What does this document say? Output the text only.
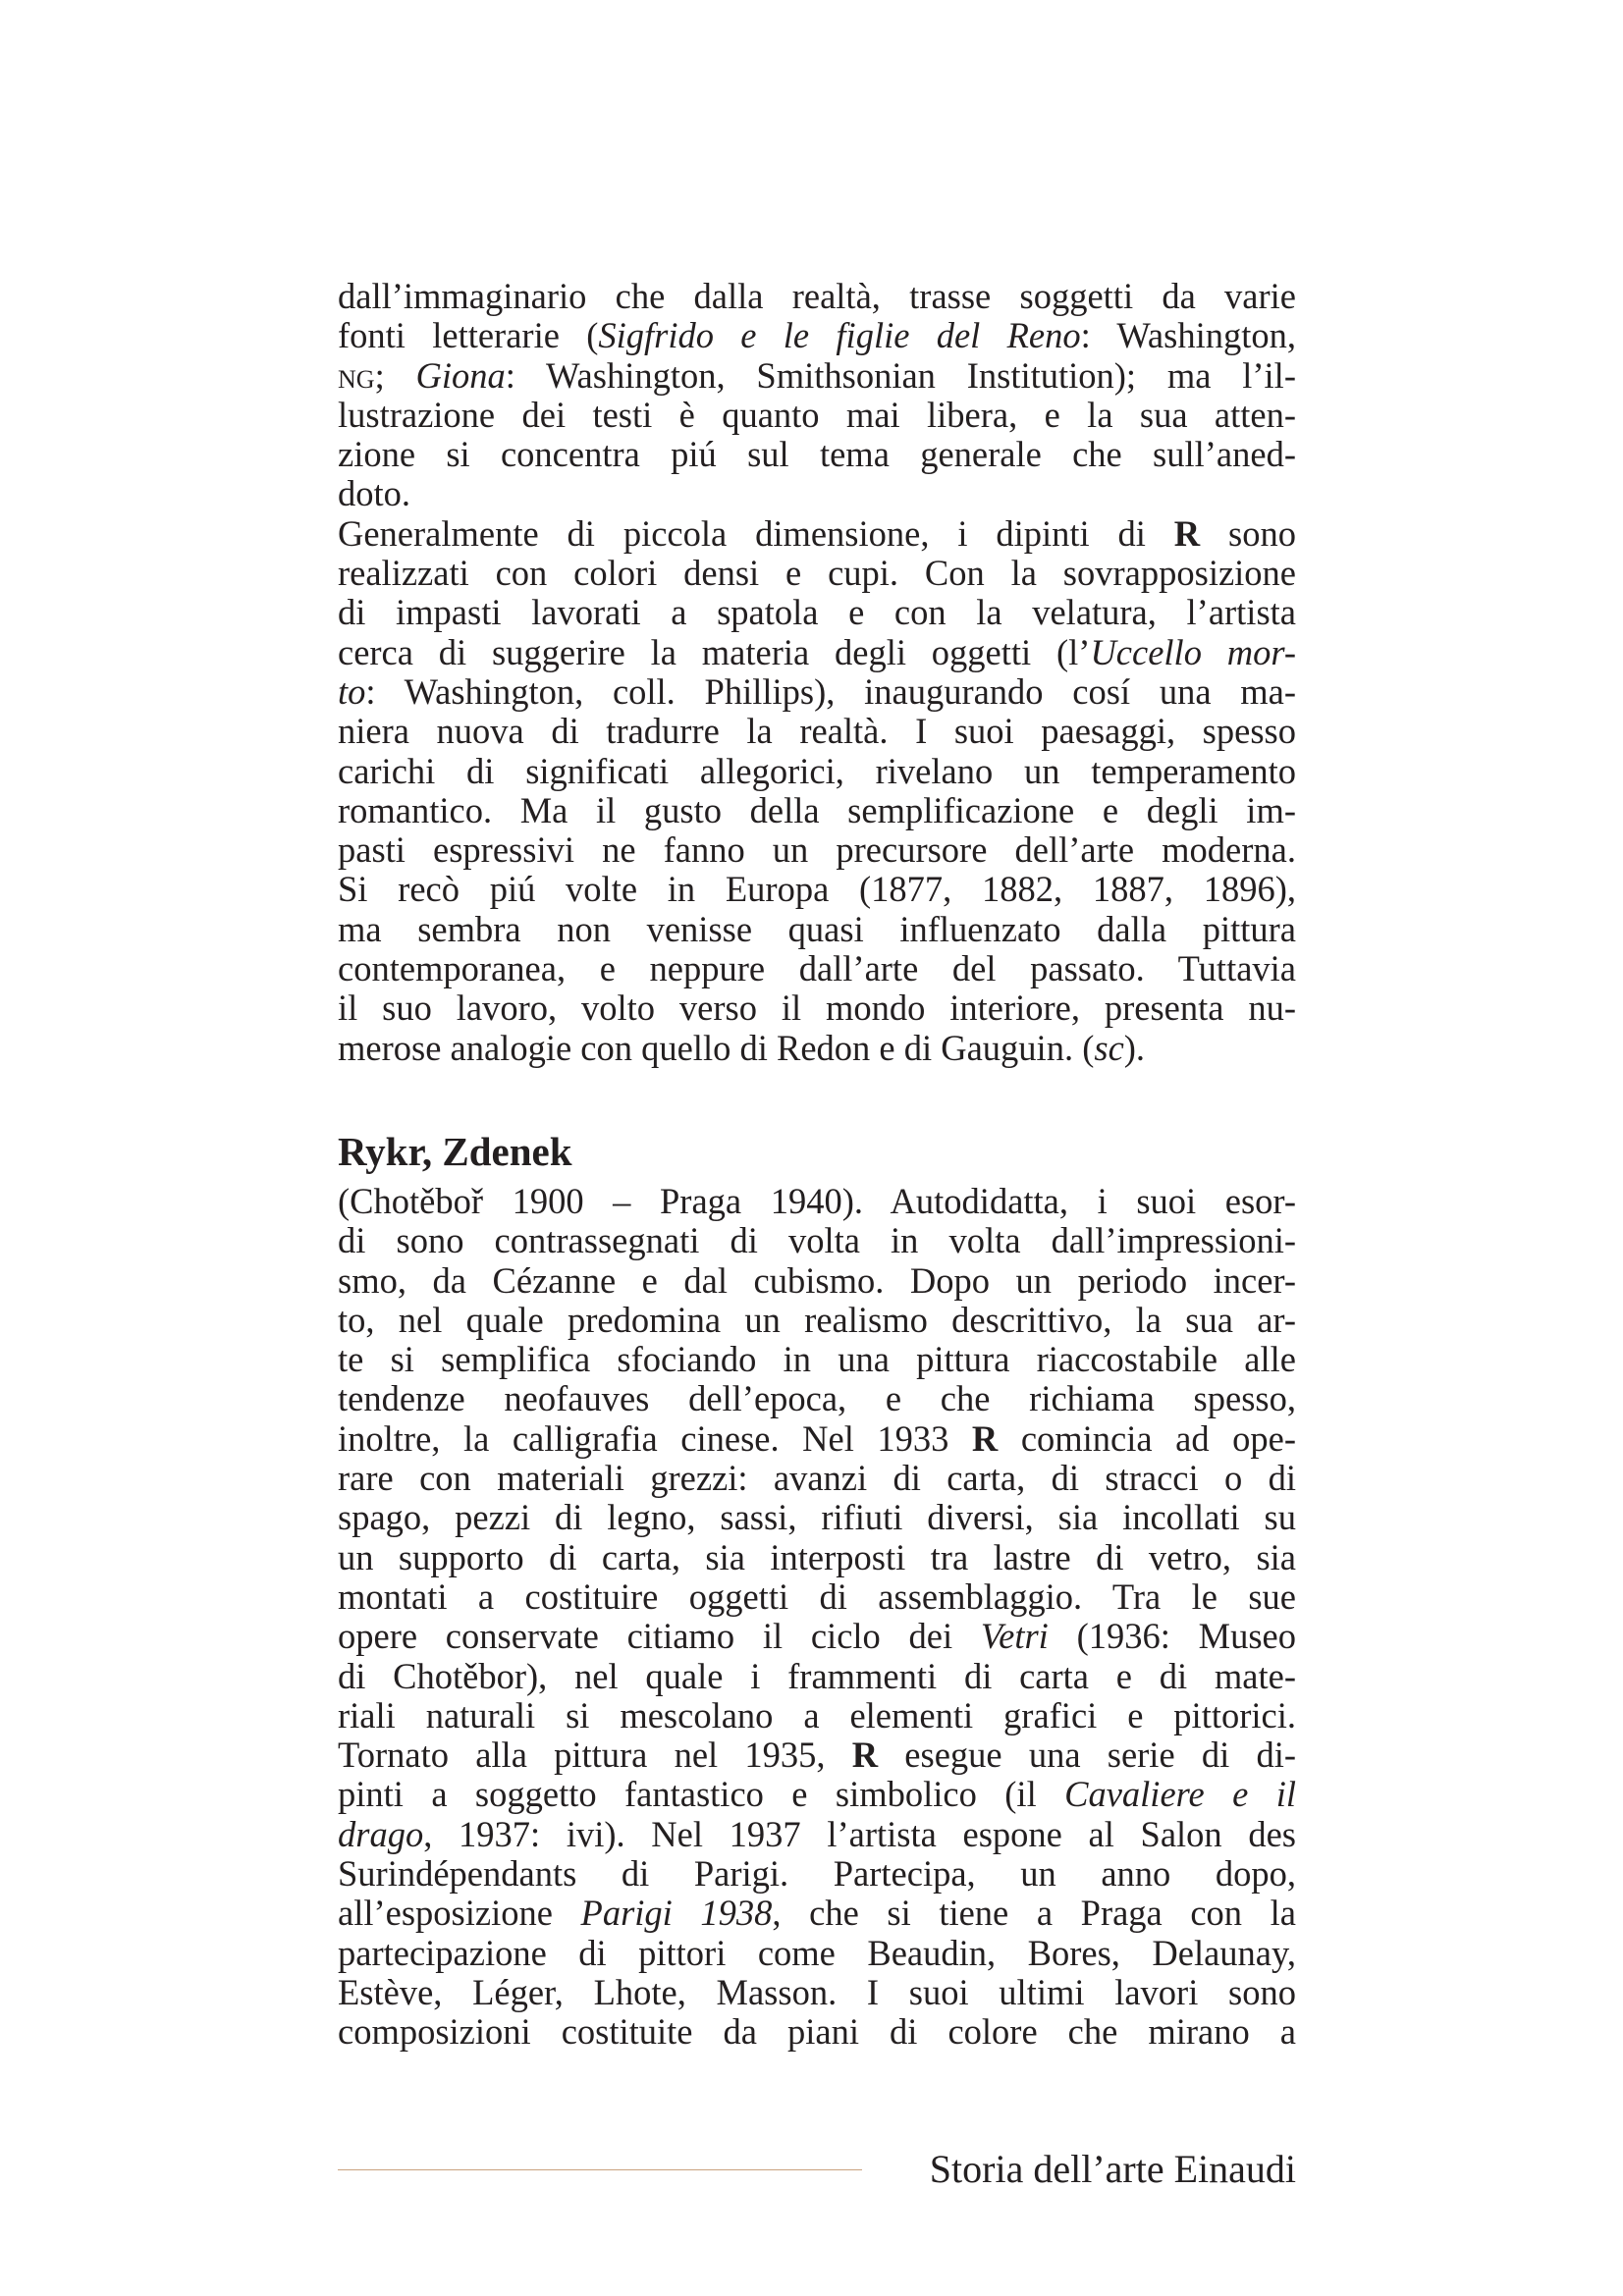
dall’immaginario che dalla realtà, trasse soggetti da varie
fonti letterarie (Sigfrido e le figlie del Reno: Washington,
ng; Giona: Washington, Smithsonian Institution); ma l’il-
lustrazione dei testi è quanto mai libera, e la sua atten-
zione si concentra piú sul tema generale che sull’aned-
doto.
Generalmente di piccola dimensione, i dipinti di R sono
realizzati con colori densi e cupi. Con la sovrapposizione
di impasti lavorati a spatola e con la velatura, l’artista
cerca di suggerire la materia degli oggetti (l’Uccello mor-
to: Washington, coll. Phillips), inaugurando cosí una ma-
niera nuova di tradurre la realtà. I suoi paesaggi, spesso
carichi di significati allegorici, rivelano un temperamento
romantico. Ma il gusto della semplificazione e degli im-
pasti espressivi ne fanno un precursore dell’arte moderna.
Si recò piú volte in Europa (1877, 1882, 1887, 1896),
ma sembra non venisse quasi influenzato dalla pittura
contemporanea, e neppure dall’arte del passato. Tuttavia
il suo lavoro, volto verso il mondo interiore, presenta nu-
merose analogie con quello di Redon e di Gauguin. (sc).
Rykr, Zdenek
(Chotěboř 1900 – Praga 1940). Autodidatta, i suoi esor-
di sono contrassegnati di volta in volta dall’impressioni-
smo, da Cézanne e dal cubismo. Dopo un periodo incer-
to, nel quale predomina un realismo descrittivo, la sua ar-
te si semplifica sfociando in una pittura riaccostabile alle
tendenze neofauves dell’epoca, e che richiama spesso,
inoltre, la calligrafia cinese. Nel 1933 R comincia ad ope-
rare con materiali grezzi: avanzi di carta, di stracci o di
spago, pezzi di legno, sassi, rifiuti diversi, sia incollati su
un supporto di carta, sia interposti tra lastre di vetro, sia
montati a costituire oggetti di assemblaggio. Tra le sue
opere conservate citiamo il ciclo dei Vetri (1936: Museo
di Chotěbor), nel quale i frammenti di carta e di mate-
riali naturali si mescolano a elementi grafici e pittorici.
Tornato alla pittura nel 1935, R esegue una serie di di-
pinti a soggetto fantastico e simbolico (il Cavaliere e il
drago, 1937: ivi). Nel 1937 l’artista espone al Salon des
Surindépendants di Parigi. Partecipa, un anno dopo,
all’esposizione Parigi 1938, che si tiene a Praga con la
partecipazione di pittori come Beaudin, Bores, Delaunay,
Estève, Léger, Lhote, Masson. I suoi ultimi lavori sono
composizioni costituite da piani di colore che mirano a
Storia dell’arte Einaudi
